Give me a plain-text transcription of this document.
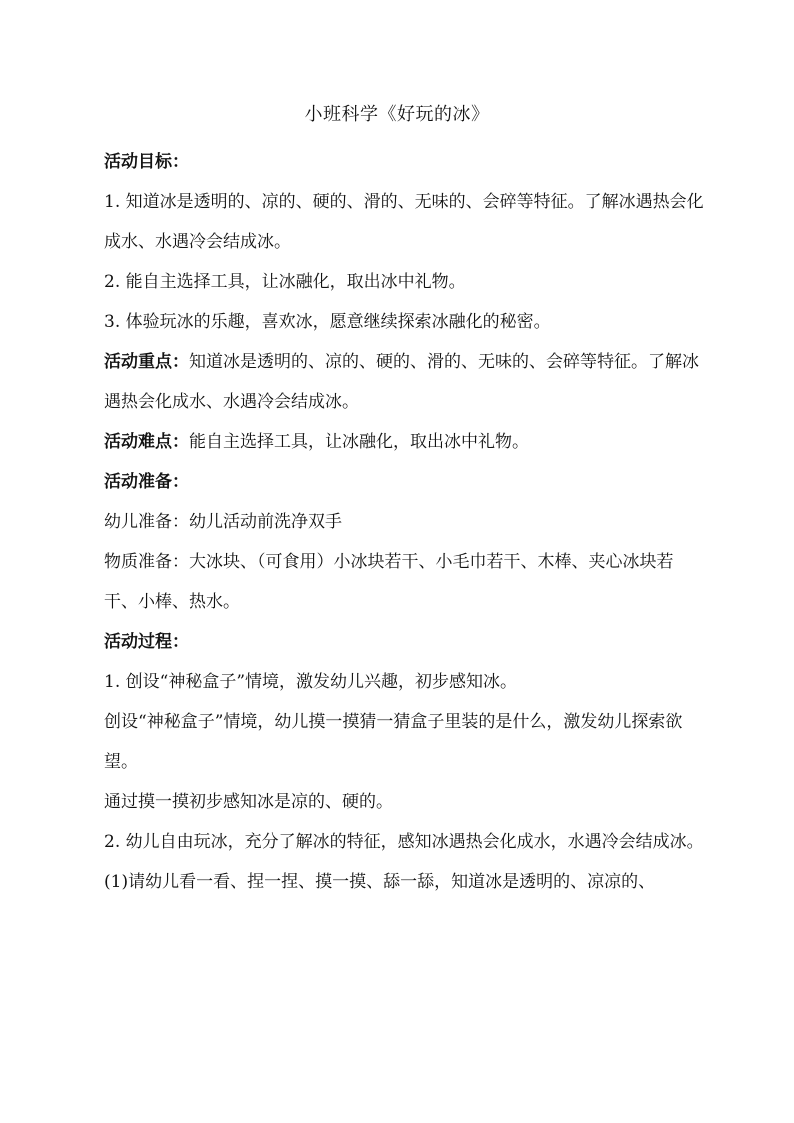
小班科学《好玩的冰》

活动目标：

1. 知道冰是透明的、凉的、硬的、滑的、无味的、会碎等特征。了解冰遇热会化成水、水遇冷会结成冰。

2. 能自主选择工具，让冰融化，取出冰中礼物。

3. 体验玩冰的乐趣，喜欢冰，愿意继续探索冰融化的秘密。

活动重点：知道冰是透明的、凉的、硬的、滑的、无味的、会碎等特征。了解冰遇热会化成水、水遇冷会结成冰。

活动难点：能自主选择工具，让冰融化，取出冰中礼物。

活动准备：

幼儿准备：幼儿活动前洗净双手

物质准备：大冰块、（可食用）小冰块若干、小毛巾若干、木棒、夹心冰块若干、小棒、热水。

活动过程：

1. 创设“神秘盒子”情境，激发幼儿兴趣，初步感知冰。

创设“神秘盒子”情境，幼儿摸一摸猜一猜盒子里装的是什么，激发幼儿探索欲望。

通过摸一摸初步感知冰是凉的、硬的。

2. 幼儿自由玩冰，充分了解冰的特征，感知冰遇热会化成水，水遇冷会结成冰。

(1)请幼儿看一看、捏一捏、摸一摸、舔一舔，知道冰是透明的、凉凉的、
